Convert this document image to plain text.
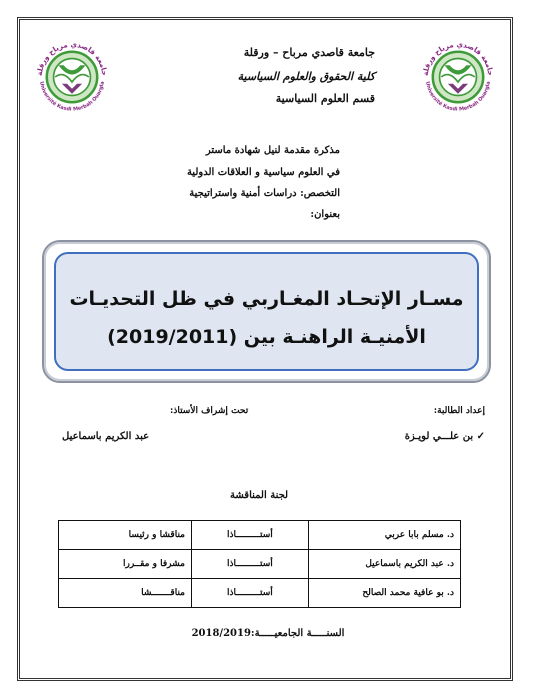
جامعة قاصدي مرباح ورقلة
Université Kasdi Merbah Ouargla
جامعة قاصدي مرباح ورقلة
Université Kasdi Merbah Ouargla
جامعة قاصدي مرباح – ورقلة
كلية الحقوق والعلوم السياسية
قسم العلوم السياسية
مذكرة مقدمة لنيل شهادة ماستر
في العلوم سياسية و العلاقات الدولية
التخصص: دراسات أمنية واستراتيجية
بعنوان:
مسـار الإتحـاد المغـاربي في ظل التحديـات
الأمنيـة الراهنـة بين (2019/2011)
إعداد الطالبة:
✓ بن علـــي لويـزة
تحت إشراف الأستاذ:
عبد الكريم باسماعيل
لجنة المناقشة
مناقشا و رئيسا	أستـــــــــاذا	د. مسلم بابا عربي
مشرفا و مقــررا	أستـــــــــاذا	د. عبد الكريم باسماعيل
مناقـــــــشا	أستـــــــــاذا	د. بو عافية محمد الصالح
السنـــــة الجامعيـــــة:2018/2019
